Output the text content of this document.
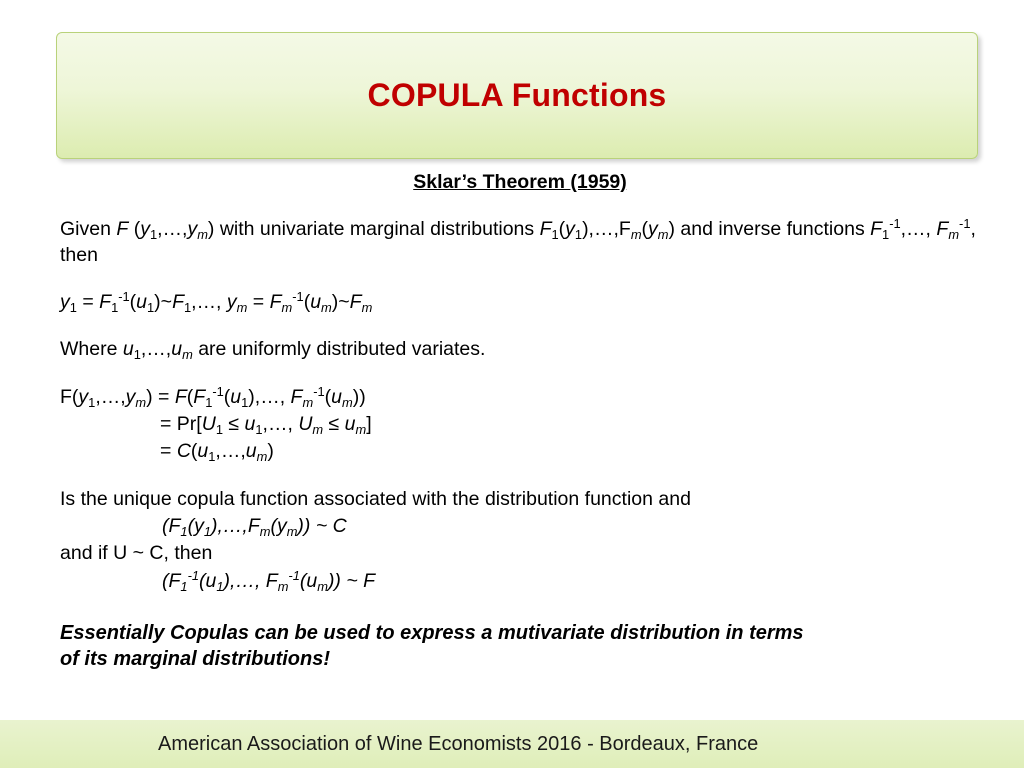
COPULA Functions
Sklar’s Theorem (1959)

Given F $(y_1,\dots,y_m)$ with univariate marginal distributions $F_1(y_1),\dots,F_m(y_m)$ and inverse functions $F_1^{-1},\dots$, $F_m^{-1}$, then

$y_1$ = $F_1^{-1}(u_1)\sim F_1,\dots$, $y_m$ = $F_m^{-1}(u_m)\sim F_m$

Where $u_1,\dots,u_m$ are uniformly distributed variates.

$F(y_1,\dots,y_m)$ = $F(F_1^{-1}(u_1),\dots$, $F_m^{-1}(u_m)$)

= $Pr[U_1$ ≤ $u_1,\dots$, $U_m \le u_m$]

= $C(u_1,\dots,u_m)$

Is the unique copula function associated with the distribution function and

$(F_1(y_1),\dots,F_m(y_m))$ ~ C

and if U ~ C, then

($F_1^{-1}(u_1),\dots$, $F_m^{-1}(u_m)$) ~ F

Essentially Copulas can be used to express a mutivariate distribution in terms
of its marginal distributions!

American Association of Wine Economists 2016 - Bordeaux, France
